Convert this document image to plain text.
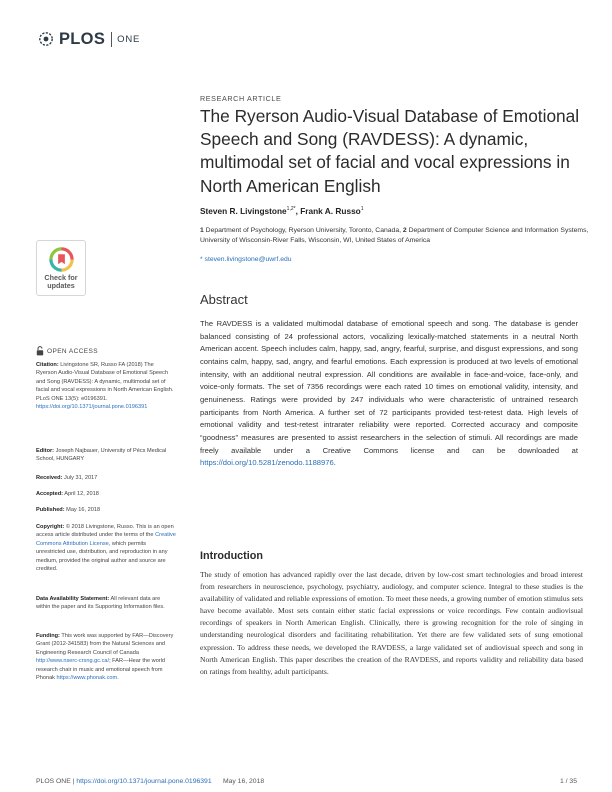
PLOS ONE
RESEARCH ARTICLE
The Ryerson Audio-Visual Database of Emotional Speech and Song (RAVDESS): A dynamic, multimodal set of facial and vocal expressions in North American English
Steven R. Livingstone$^{1,2*}$, Frank A. Russo$^1$
1 Department of Psychology, Ryerson University, Toronto, Canada, 2 Department of Computer Science and Information Systems, University of Wisconsin-River Falls, Wisconsin, WI, United States of America
* steven.livingstone@uwrf.edu
Abstract

The RAVDESS is a validated multimodal database of emotional speech and song. The database is gender balanced consisting of 24 professional actors, vocalizing lexically-matched statements in a neutral North American accent. Speech includes calm, happy, sad, angry, fearful, surprise, and disgust expressions, and song contains calm, happy, sad, angry, and fearful emotions. Each expression is produced at two levels of emotional intensity, with an additional neutral expression. All conditions are available in face-and-voice, face-only, and voice-only formats. The set of 7356 recordings were each rated 10 times on emotional validity, intensity, and genuineness. Ratings were provided by 247 individuals who were characteristic of untrained research participants from North America. A further set of 72 participants provided test-retest data. High levels of emotional validity and test-retest intrarater reliability were reported. Corrected accuracy and composite “goodness” measures are presented to assist researchers in the selection of stimuli. All recordings are made freely available under a Creative Commons license and can be downloaded at https://doi.org/10.5281/zenodo.1188976.

Introduction

The study of emotion has advanced rapidly over the last decade, driven by low-cost smart technologies and broad interest from researchers in neuroscience, psychology, psychiatry, audiology, and computer science. Integral to these studies is the availability of validated and reliable expressions of emotion. To meet these needs, a growing number of emotion stimulus sets have become available. Most sets contain either static facial expressions or voice recordings. Few contain audiovisual recordings of speakers in North American English. Clinically, there is growing recognition for the role of singing in understanding neurological disorders and facilitating rehabilitation. Yet there are few validated sets of sung emotional expression. To address these needs, we developed the RAVDESS, a large validated set of audiovisual speech and song in North American English. This paper describes the creation of the RAVDESS, and reports validity and reliability data based on ratings from healthy, adult participants.

Check for
updates
OPEN ACCESS
Citation: Livingstone SR, Russo FA (2018) The Ryerson Audio-Visual Database of Emotional Speech and Song (RAVDESS): A dynamic, multimodal set of facial and vocal expressions in North American English. PLoS ONE 13(5): e0196391. https://doi.org/10.1371/journal.pone.0196391
Editor: Joseph Najbauer, University of Pécs Medical School, HUNGARY
Received: July 31, 2017
Accepted: April 12, 2018
Published: May 16, 2018
Copyright: © 2018 Livingstone, Russo. This is an open access article distributed under the terms of the Creative Commons Attribution License, which permits unrestricted use, distribution, and reproduction in any medium, provided the original author and source are credited.
Data Availability Statement: All relevant data are within the paper and its Supporting Information files.
Funding: This work was supported by FAR—Discovery Grant (2012-341583) from the Natural Sciences and Engineering Research Council of Canada http://www.nserc-crsng.gc.ca/; FAR—Hear the world research chair in music and emotional speech from Phonak https://www.phonak.com.
PLOS ONE | https://doi.org/10.1371/journal.pone.0196391 May 16, 2018	1 / 35
